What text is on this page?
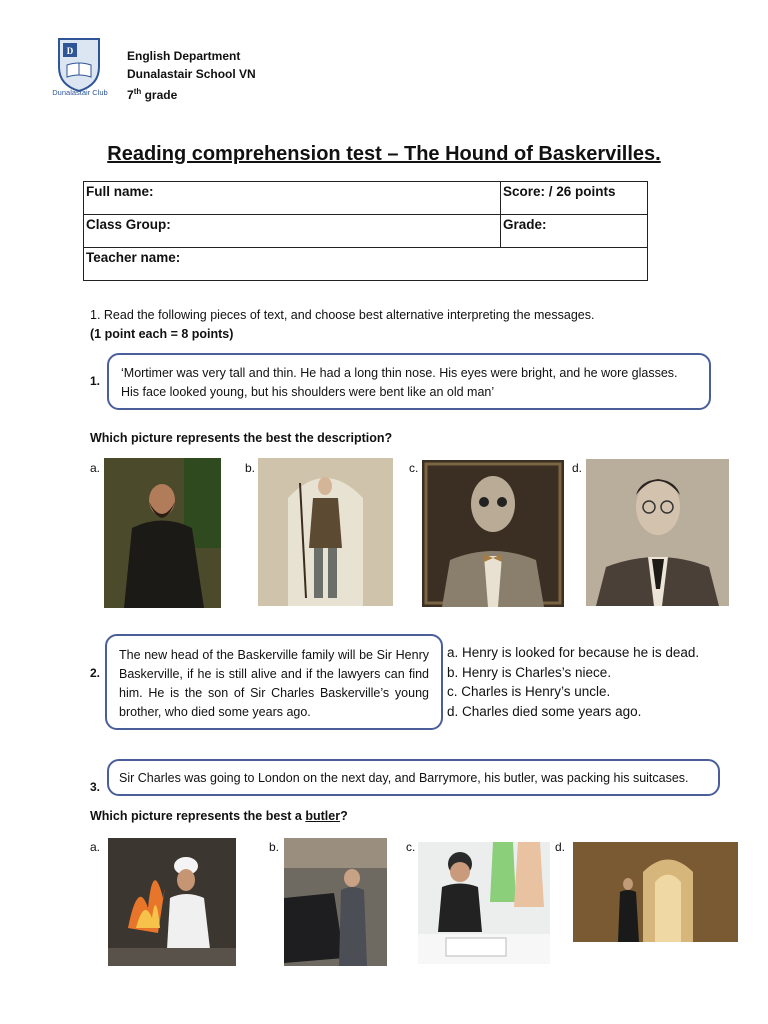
D
Dunalastair Club
English Department
Dunalastair School VN
7th grade
Reading comprehension test – The Hound of Baskervilles.
Full name:	Score: / 26 points
Class Group:	Grade:
Teacher name:	
1. Read the following pieces of text, and choose best alternative interpreting the messages.
(1 point each = 8 points)
1.
‘Mortimer was very tall and thin. He had a long thin nose. His eyes were bright, and he wore glasses. His face looked young, but his shoulders were bent like an old man’
Which picture represents the best the description?
a.	b.	c.	d.
2.
The new head of the Baskerville family will be Sir Henry Baskerville, if he is still alive and if the lawyers can find him. He is the son of Sir Charles Baskerville’s young brother, who died some years ago.
a. Henry is looked for because he is dead.
b. Henry is Charles’s niece.
c. Charles is Henry’s uncle.
d. Charles died some years ago.
Sir Charles was going to London on the next day, and Barrymore, his butler, was packing his suitcases.
3.
Which picture represents the best a butler?
a.	b.	c.	d.
